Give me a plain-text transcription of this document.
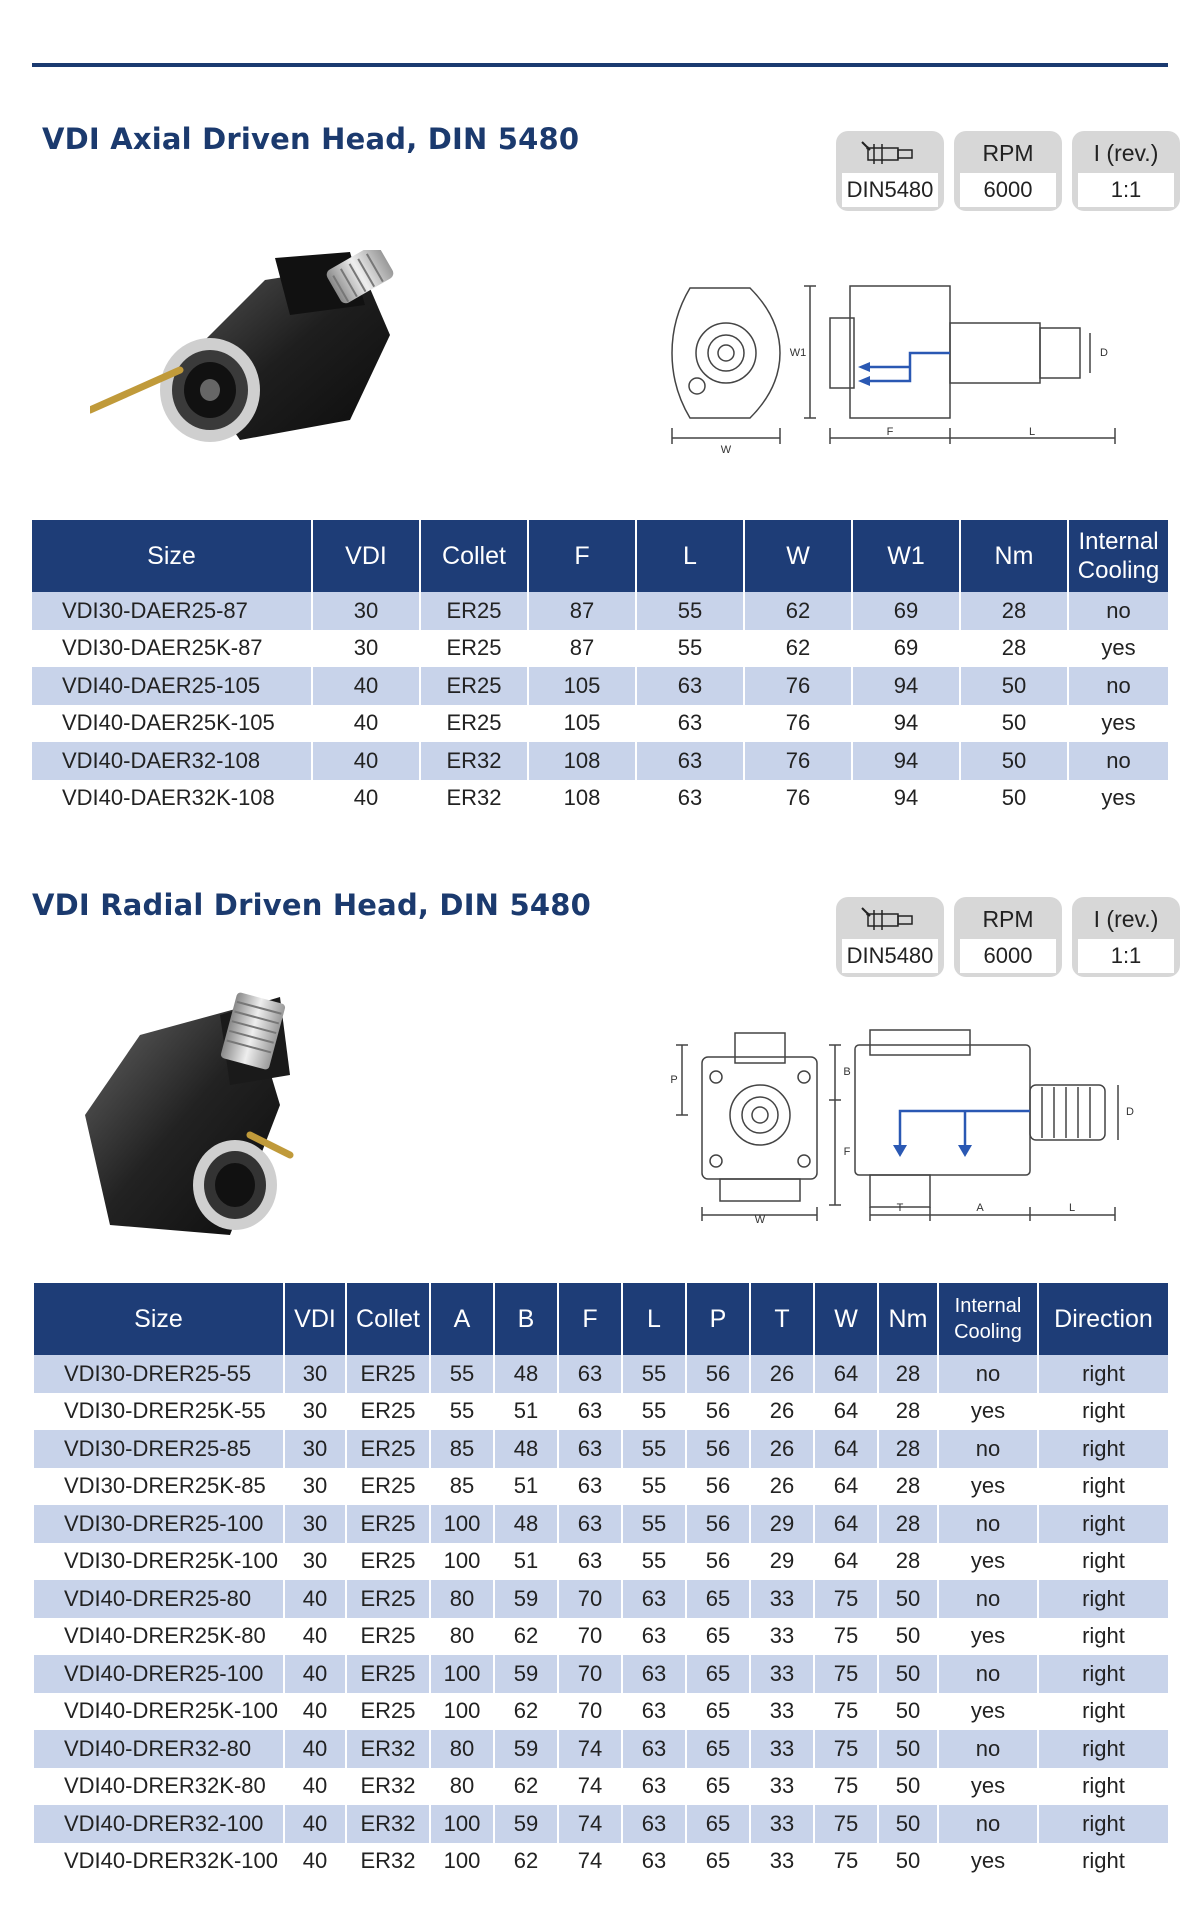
VDI Axial Driven Head, DIN 5480
DIN5480
RPM
6000
I (rev.)
1:1
W
W1
F	L
D
Size	VDI	Collet	F	L	W	W1	Nm	Internal Cooling
VDI30-DAER25-87	30	ER25	87	55	62	69	28	no
VDI30-DAER25K-87	30	ER25	87	55	62	69	28	yes
VDI40-DAER25-105	40	ER25	105	63	76	94	50	no
VDI40-DAER25K-105	40	ER25	105	63	76	94	50	yes
VDI40-DAER32-108	40	ER32	108	63	76	94	50	no
VDI40-DAER32K-108	40	ER32	108	63	76	94	50	yes
VDI Radial Driven Head, DIN 5480
DIN5480
RPM
6000
I (rev.)
1:1
P
W
B
F
T	A	L
D
Size	VDI	Collet	A	B	F	L	P	T	W	Nm	Internal Cooling	Direction
VDI30-DRER25-55	30	ER25	55	48	63	55	56	26	64	28	no	right
VDI30-DRER25K-55	30	ER25	55	51	63	55	56	26	64	28	yes	right
VDI30-DRER25-85	30	ER25	85	48	63	55	56	26	64	28	no	right
VDI30-DRER25K-85	30	ER25	85	51	63	55	56	26	64	28	yes	right
VDI30-DRER25-100	30	ER25	100	48	63	55	56	29	64	28	no	right
VDI30-DRER25K-100	30	ER25	100	51	63	55	56	29	64	28	yes	right
VDI40-DRER25-80	40	ER25	80	59	70	63	65	33	75	50	no	right
VDI40-DRER25K-80	40	ER25	80	62	70	63	65	33	75	50	yes	right
VDI40-DRER25-100	40	ER25	100	59	70	63	65	33	75	50	no	right
VDI40-DRER25K-100	40	ER25	100	62	70	63	65	33	75	50	yes	right
VDI40-DRER32-80	40	ER32	80	59	74	63	65	33	75	50	no	right
VDI40-DRER32K-80	40	ER32	80	62	74	63	65	33	75	50	yes	right
VDI40-DRER32-100	40	ER32	100	59	74	63	65	33	75	50	no	right
VDI40-DRER32K-100	40	ER32	100	62	74	63	65	33	75	50	yes	right
